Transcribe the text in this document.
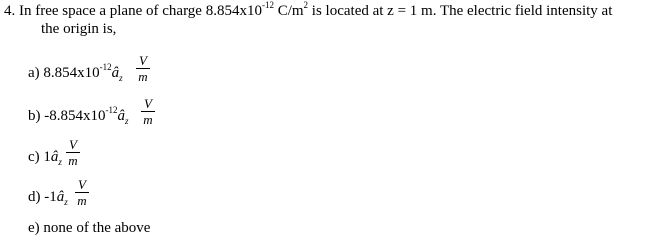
4. In free space a plane of charge $8.854x10^{-12}$ $C/m^2$ is located at z = 1 m. The electric field intensity at
the origin is,
a) $8.854x10^{-12}â_z$
V
m
b) $-8.854x10^{-12}â_z$
V
m
c) $1â_z$
V
m
d) $-1â_z$
V
m
e) none of the above
